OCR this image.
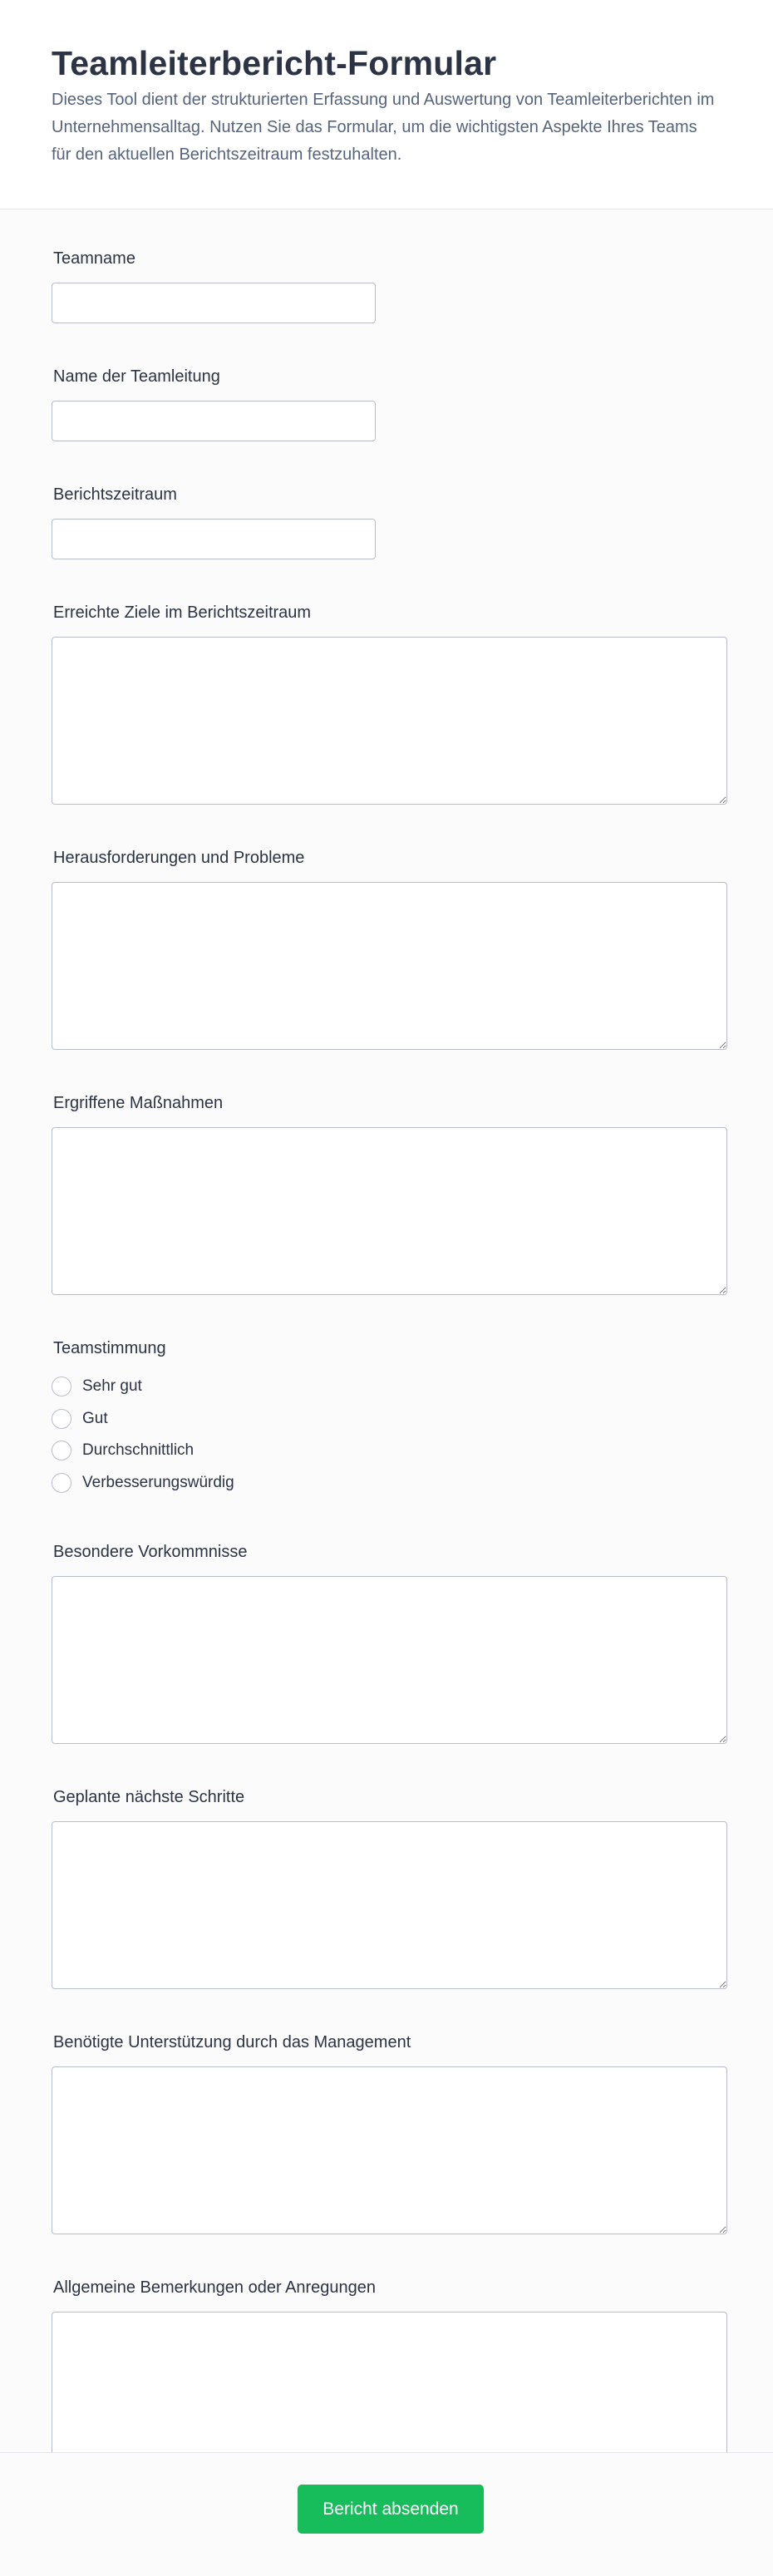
Teamleiterbericht-Formular

Dieses Tool dient der strukturierten Erfassung und Auswertung von Teamleiterberichten im Unternehmensalltag. Nutzen Sie das Formular, um die wichtigsten Aspekte Ihres Teams für den aktuellen Berichtszeitraum festzuhalten.

Teamname
Name der Teamleitung
Berichtszeitraum
Erreichte Ziele im Berichtszeitraum
Herausforderungen und Probleme
Ergriffene Maßnahmen
Teamstimmung
Sehr gut
Gut
Durchschnittlich
Verbesserungswürdig
Besondere Vorkommnisse
Geplante nächste Schritte
Benötigte Unterstützung durch das Management
Allgemeine Bemerkungen oder Anregungen
Bericht absenden
